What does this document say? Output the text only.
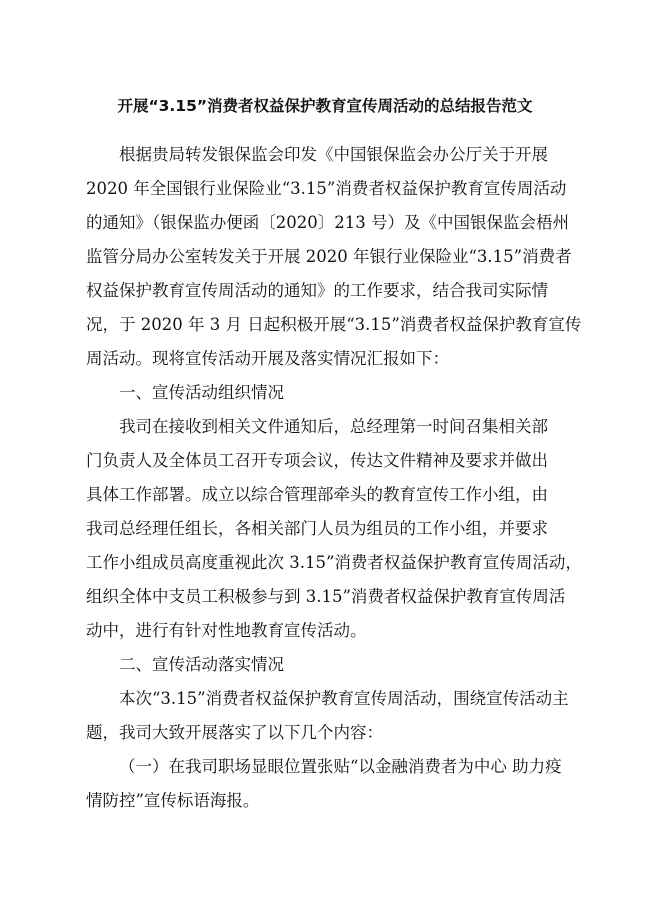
开展“3.15”消费者权益保护教育宣传周活动的总结报告范文
根据贵局转发银保监会印发《中国银保监会办公厅关于开展
2020 年全国银行业保险业“3.15”消费者权益保护教育宣传周活动
的通知》（银保监办便函〔2020〕213 号）及《中国银保监会梧州
监管分局办公室转发关于开展 2020 年银行业保险业“3.15”消费者
权益保护教育宣传周活动的通知》的工作要求，结合我司实际情
况，于 2020 年 3 月 日起积极开展“3.15”消费者权益保护教育宣传
周活动。现将宣传活动开展及落实情况汇报如下：
一、宣传活动组织情况
我司在接收到相关文件通知后，总经理第一时间召集相关部
门负责人及全体员工召开专项会议，传达文件精神及要求并做出
具体工作部署。成立以综合管理部牵头的教育宣传工作小组，由
我司总经理任组长，各相关部门人员为组员的工作小组，并要求
工作小组成员高度重视此次 3.15”消费者权益保护教育宣传周活动，
组织全体中支员工积极参与到 3.15”消费者权益保护教育宣传周活
动中，进行有针对性地教育宣传活动。
二、宣传活动落实情况
本次“3.15”消费者权益保护教育宣传周活动，围绕宣传活动主
题，我司大致开展落实了以下几个内容：
（一）在我司职场显眼位置张贴“以金融消费者为中心 助力疫
情防控”宣传标语海报。
